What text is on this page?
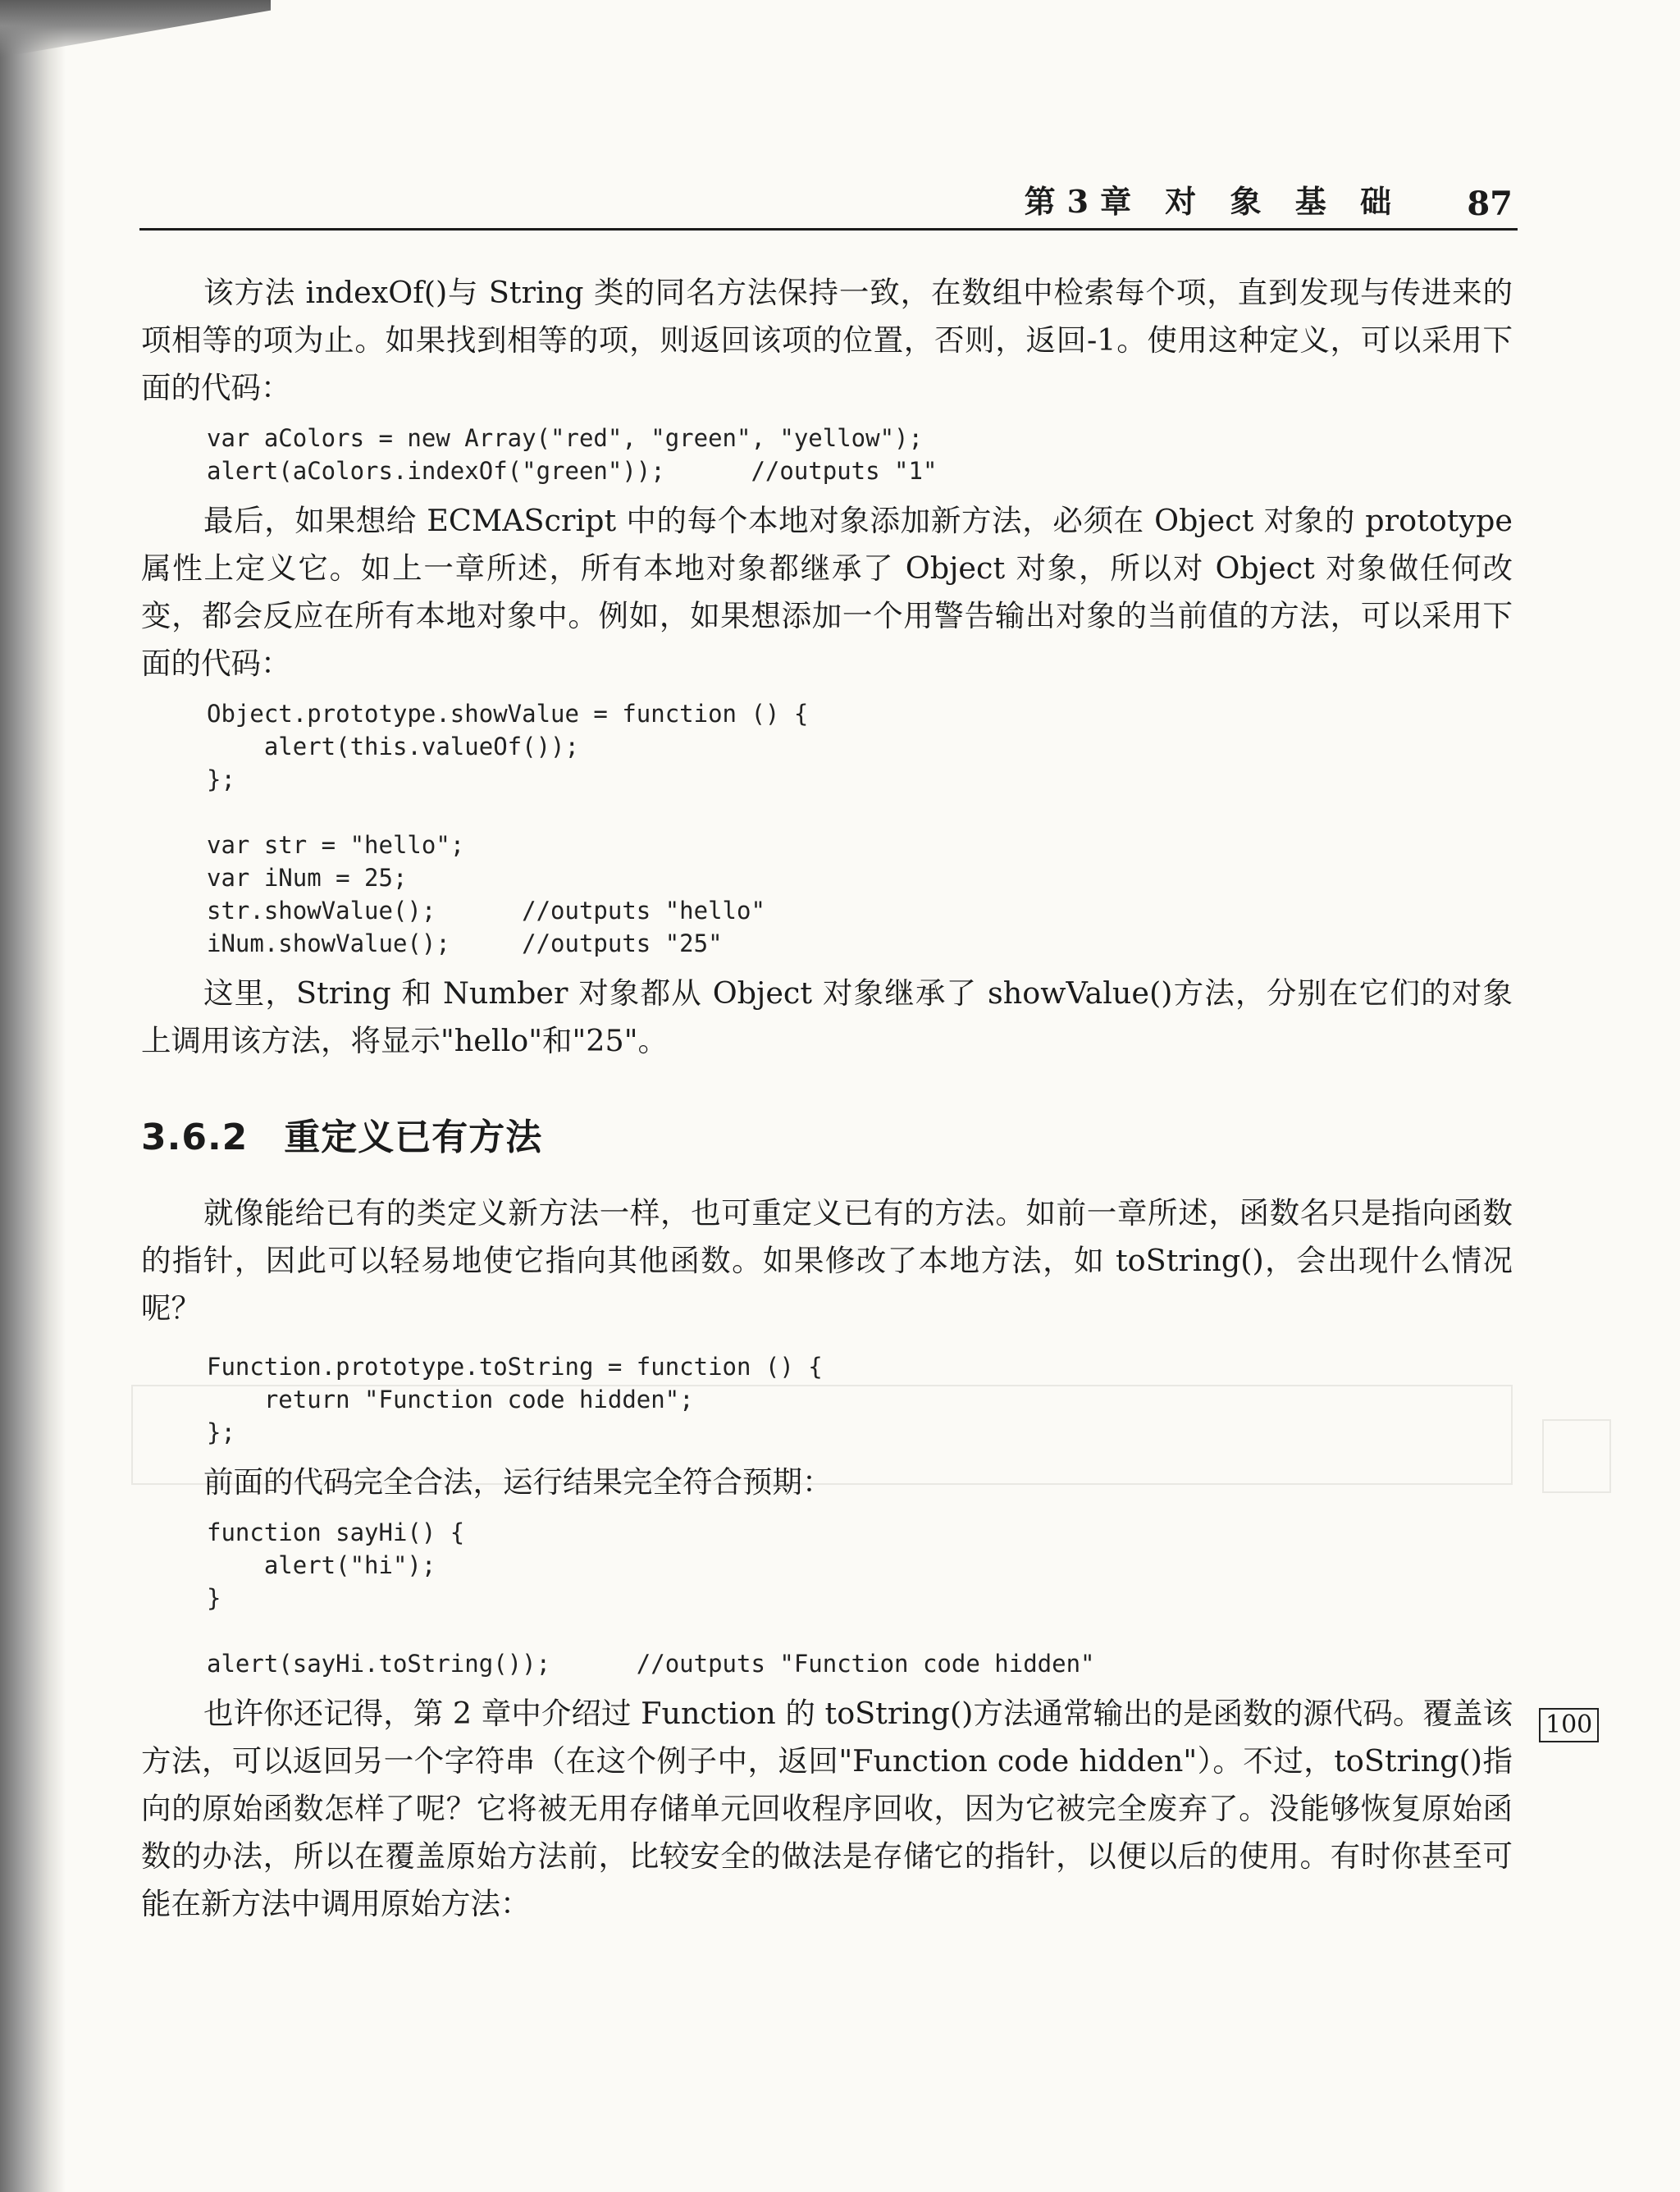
第3章 对 象 基 础 87

该方法 indexOf()与 String 类的同名方法保持一致，在数组中检索每个项，直到发现与传进来的项相等的项为止。如果找到相等的项，则返回该项的位置，否则，返回-1。使用这种定义，可以采用下面的代码：

var aColors = new Array("red", "green", "yellow");
alert(aColors.indexOf("green"));      //outputs "1"

最后，如果想给 ECMAScript 中的每个本地对象添加新方法，必须在 Object 对象的 prototype 属性上定义它。如上一章所述，所有本地对象都继承了 Object 对象，所以对 Object 对象做任何改变，都会反应在所有本地对象中。例如，如果想添加一个用警告输出对象的当前值的方法，可以采用下面的代码：

Object.prototype.showValue = function () {
alert(this.valueOf());
};

var str = "hello";
var iNum = 25;
str.showValue();      //outputs "hello"
iNum.showValue();     //outputs "25"

这里，String 和 Number 对象都从 Object 对象继承了 showValue()方法，分别在它们的对象上调用该方法，将显示"hello"和"25"。

3.6.2 重定义已有方法

就像能给已有的类定义新方法一样，也可重定义已有的方法。如前一章所述，函数名只是指向函数的指针，因此可以轻易地使它指向其他函数。如果修改了本地方法，如 toString()，会出现什么情况呢？

Function.prototype.toString = function () {
return "Function code hidden";
};

前面的代码完全合法，运行结果完全符合预期：

function sayHi() {
alert("hi");
}

alert(sayHi.toString());      //outputs "Function code hidden"

也许你还记得，第 2 章中介绍过 Function 的 toString()方法通常输出的是函数的源代码。覆盖该方法，可以返回另一个字符串（在这个例子中，返回"Function code hidden"）。不过，toString()指向的原始函数怎样了呢？它将被无用存储单元回收程序回收，因为它被完全废弃了。没能够恢复原始函数的办法，所以在覆盖原始方法前，比较安全的做法是存储它的指针，以便以后的使用。有时你甚至可能在新方法中调用原始方法：

100
